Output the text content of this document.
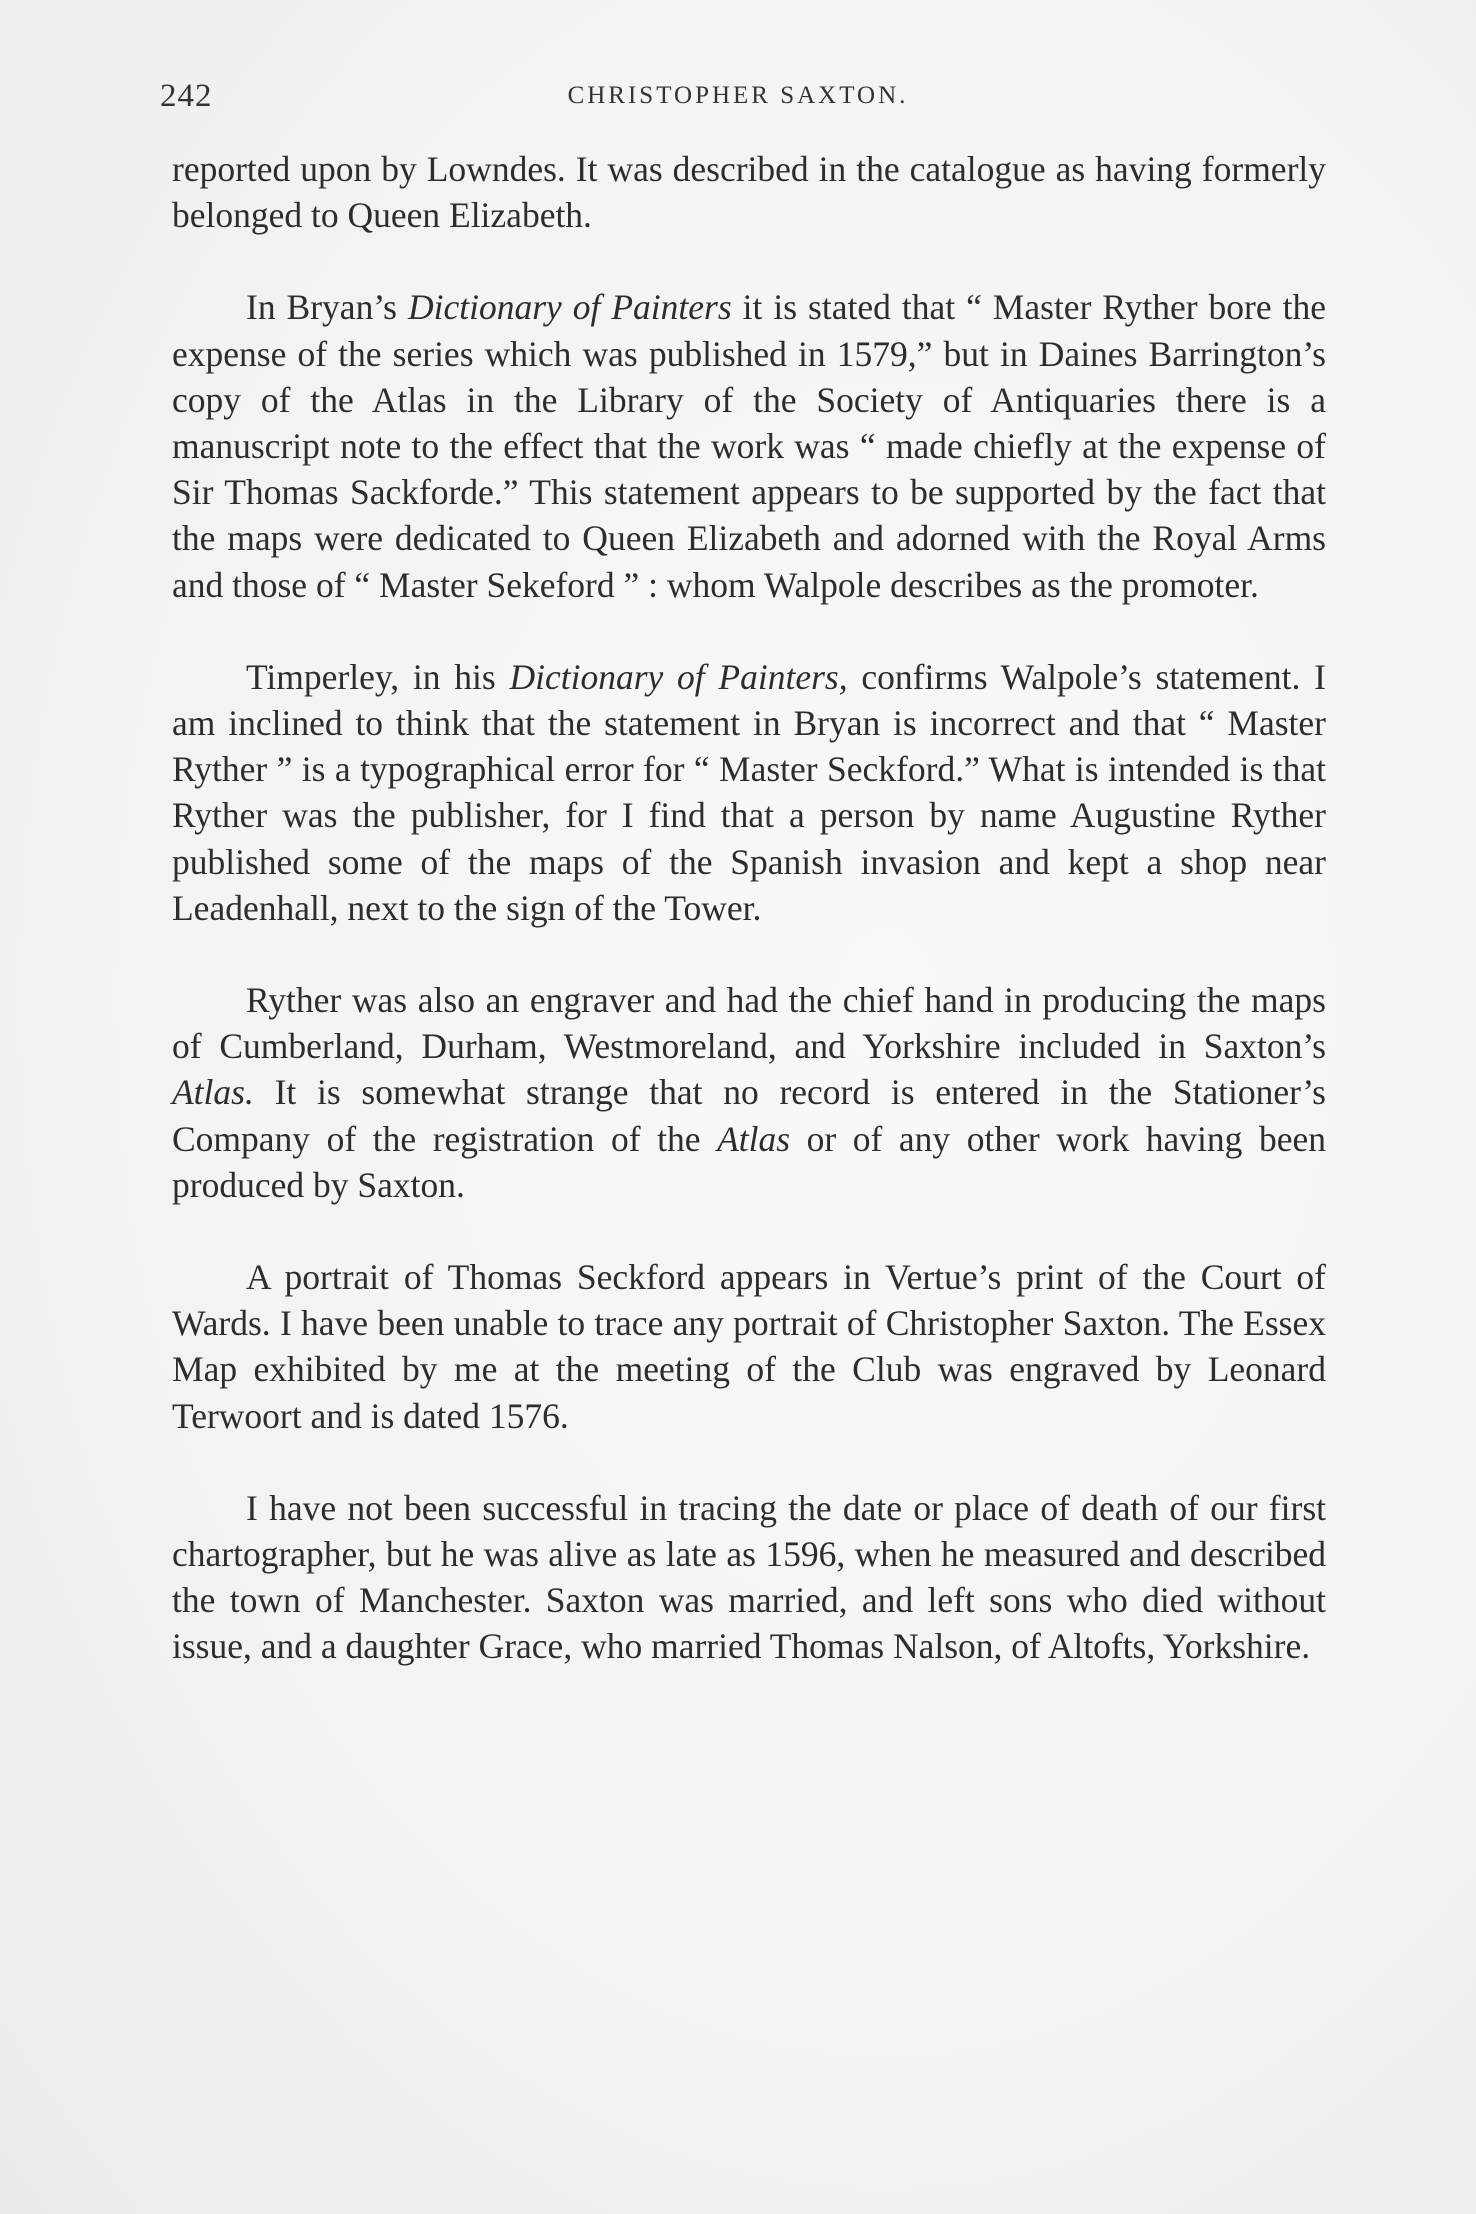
242	CHRISTOPHER SAXTON.

reported upon by Lowndes. It was described in the catalogue as having formerly belonged to Queen Elizabeth.

In Bryan’s Dictionary of Painters it is stated that “ Master Ryther bore the expense of the series which was published in 1579,” but in Daines Barrington’s copy of the Atlas in the Library of the Society of Antiquaries there is a manuscript note to the effect that the work was “ made chiefly at the expense of Sir Thomas Sackforde.” This statement appears to be supported by the fact that the maps were dedicated to Queen Elizabeth and adorned with the Royal Arms and those of “ Master Sekeford ” : whom Walpole describes as the promoter.

Timperley, in his Dictionary of Painters, confirms Walpole’s statement. I am inclined to think that the statement in Bryan is incorrect and that “ Master Ryther ” is a typographical error for “ Master Seckford.” What is intended is that Ryther was the publisher, for I find that a person by name Augustine Ryther published some of the maps of the Spanish invasion and kept a shop near Leadenhall, next to the sign of the Tower.

Ryther was also an engraver and had the chief hand in producing the maps of Cumberland, Durham, Westmoreland, and Yorkshire included in Saxton’s Atlas. It is somewhat strange that no record is entered in the Stationer’s Company of the registration of the Atlas or of any other work having been produced by Saxton.

A portrait of Thomas Seckford appears in Vertue’s print of the Court of Wards. I have been unable to trace any portrait of Christopher Saxton. The Essex Map exhibited by me at the meeting of the Club was engraved by Leonard Terwoort and is dated 1576.

I have not been successful in tracing the date or place of death of our first chartographer, but he was alive as late as 1596, when he measured and described the town of Manchester. Saxton was married, and left sons who died without issue, and a daughter Grace, who married Thomas Nalson, of Altofts, Yorkshire.
